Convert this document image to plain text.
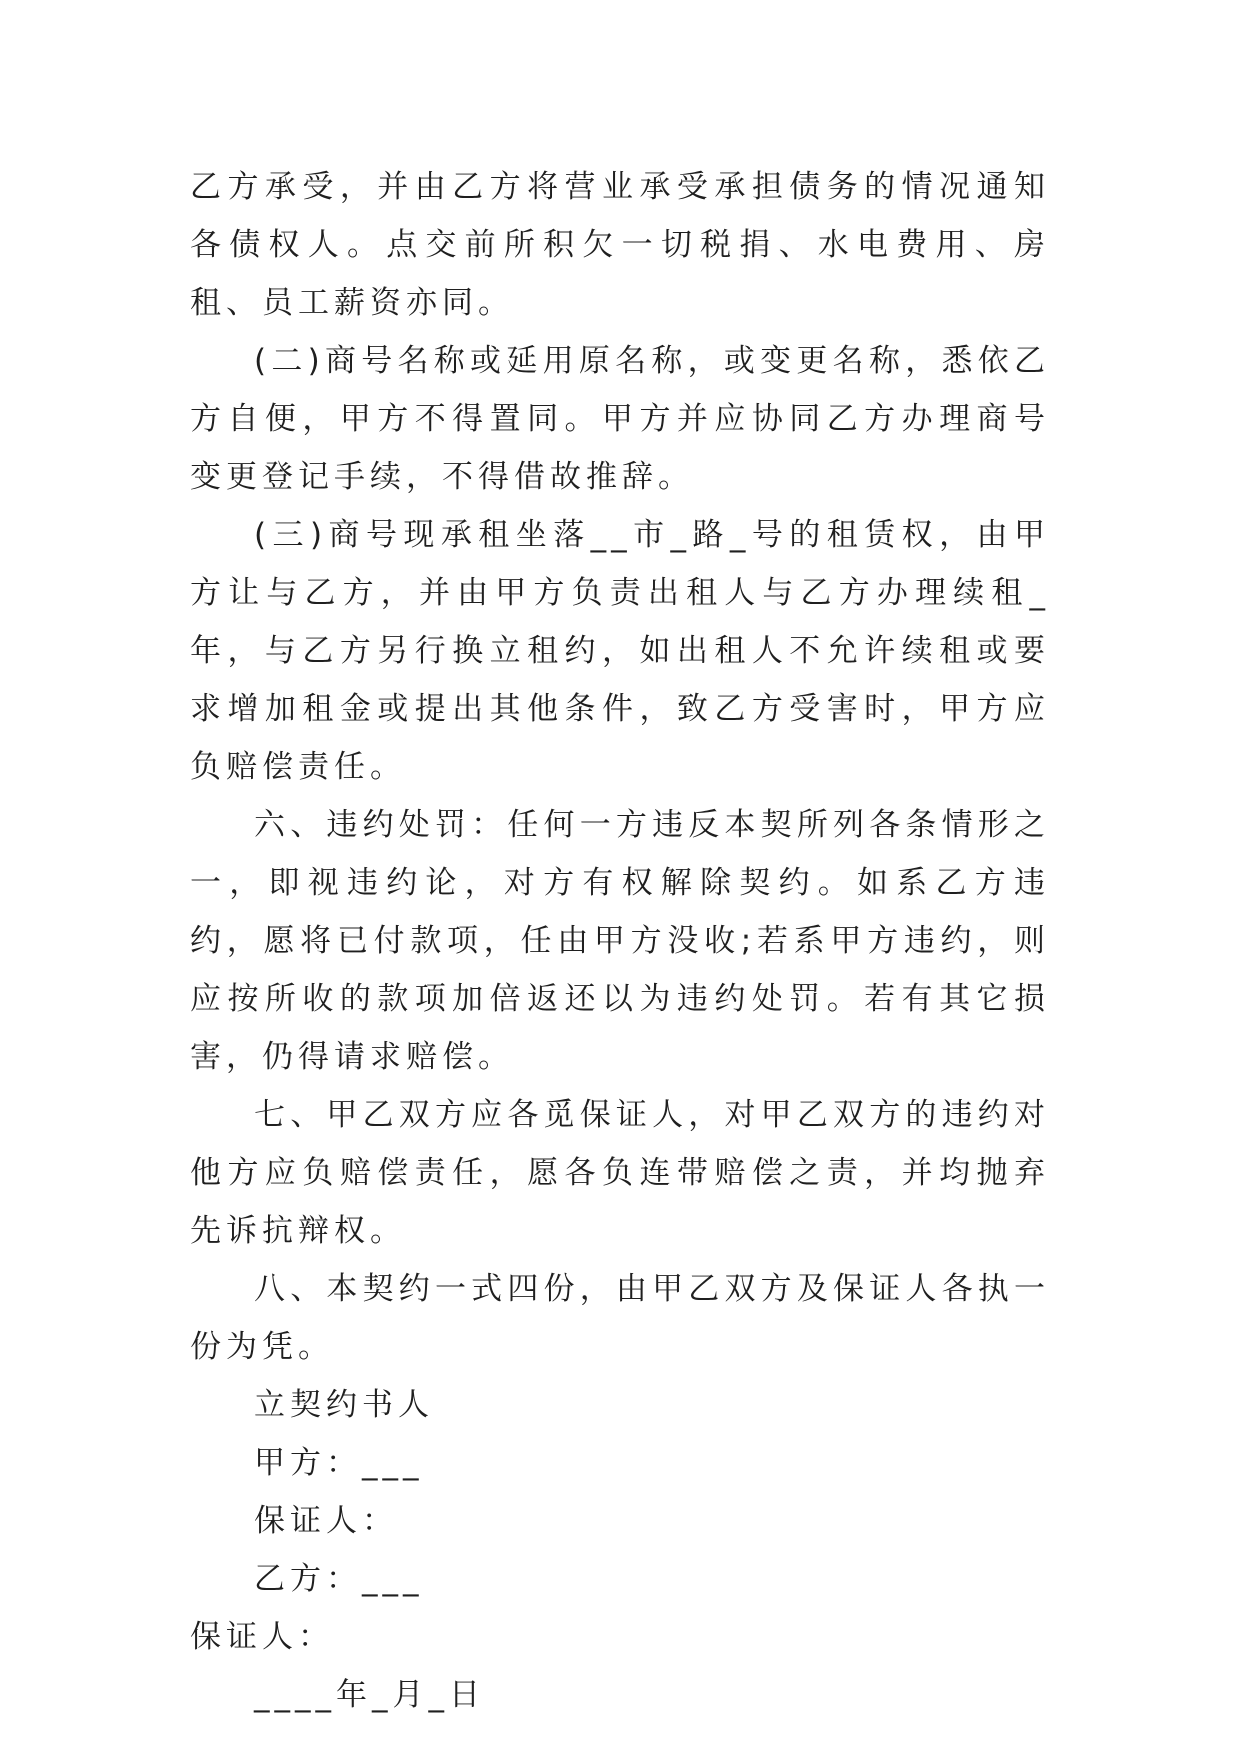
乙方承受，并由乙方将营业承受承担债务的情况通知各债权人。点交前所积欠一切税捐、水电费用、房租、员工薪资亦同。

(二)商号名称或延用原名称，或变更名称，悉依乙方自便，甲方不得置同。甲方并应协同乙方办理商号变更登记手续，不得借故推辞。

(三)商号现承租坐落__市_路_号的租赁权，由甲方让与乙方，并由甲方负责出租人与乙方办理续租_年，与乙方另行换立租约，如出租人不允许续租或要求增加租金或提出其他条件，致乙方受害时，甲方应负赔偿责任。

六、违约处罚：任何一方违反本契所列各条情形之一，即视违约论，对方有权解除契约。如系乙方违约，愿将已付款项，任由甲方没收;若系甲方违约，则应按所收的款项加倍返还以为违约处罚。若有其它损害，仍得请求赔偿。

七、甲乙双方应各觅保证人，对甲乙双方的违约对他方应负赔偿责任，愿各负连带赔偿之责，并均抛弃先诉抗辩权。

八、本契约一式四份，由甲乙双方及保证人各执一份为凭。

立契约书人

甲方：___

保证人：

乙方：___

保证人：

____年_月_日
